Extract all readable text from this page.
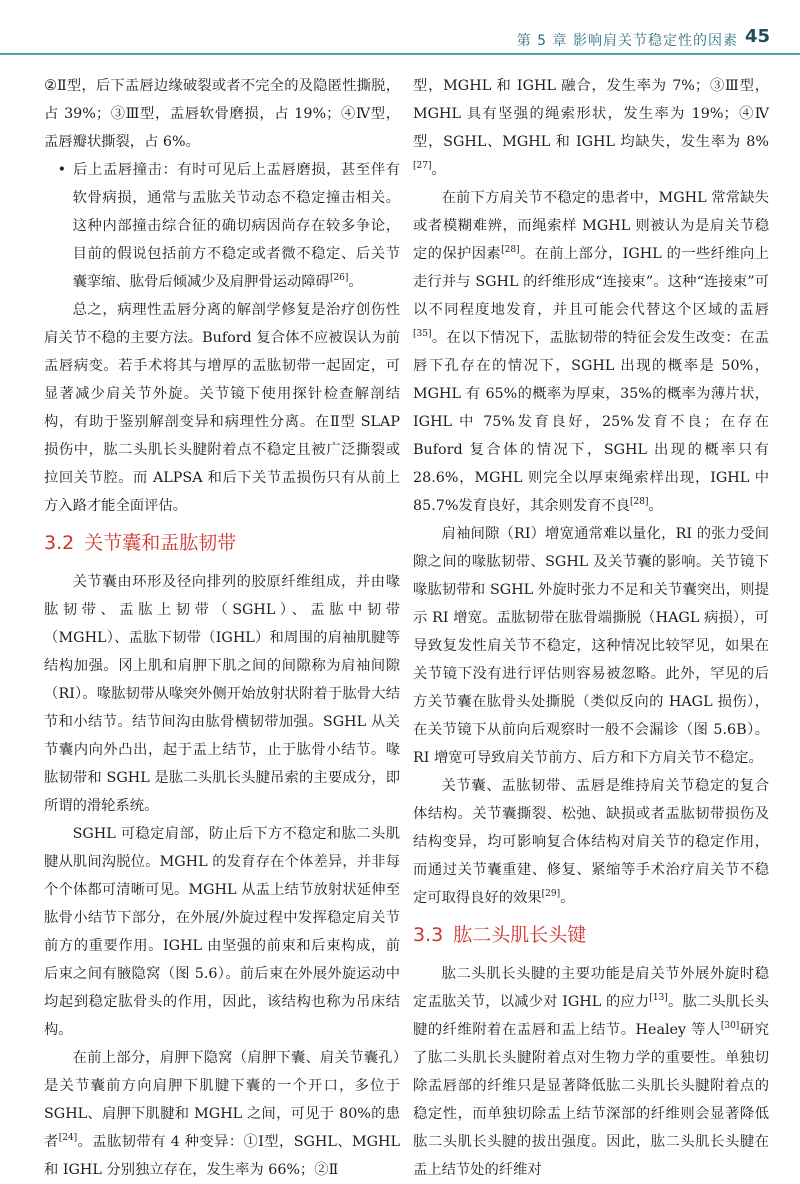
第 5 章 影响肩关节稳定性的因素 45

②Ⅱ型，后下盂唇边缘破裂或者不完全的及隐匿性撕脱，占 39%；③Ⅲ型，盂唇软骨磨损，占 19%；④Ⅳ型，盂唇瓣状撕裂，占 6%。

• 后上盂唇撞击：有时可见后上盂唇磨损，甚至伴有软骨病损，通常与盂肱关节动态不稳定撞击相关。这种内部撞击综合征的确切病因尚存在较多争论，目前的假说包括前方不稳定或者微不稳定、后关节囊挛缩、肱骨后倾减少及肩胛骨运动障碍[26]。

总之，病理性盂唇分离的解剖学修复是治疗创伤性肩关节不稳的主要方法。Buford 复合体不应被误认为前盂唇病变。若手术将其与增厚的盂肱韧带一起固定，可显著减少肩关节外旋。关节镜下使用探针检查解剖结构，有助于鉴别解剖变异和病理性分离。在Ⅱ型 SLAP 损伤中，肱二头肌长头腱附着点不稳定且被广泛撕裂或拉回关节腔。而 ALPSA 和后下关节盂损伤只有从前上方入路才能全面评估。

3.2 关节囊和盂肱韧带

关节囊由环形及径向排列的胶原纤维组成，并由喙肱韧带、盂肱上韧带（SGHL）、盂肱中韧带（MGHL）、盂肱下韧带（IGHL）和周围的肩袖肌腱等结构加强。冈上肌和肩胛下肌之间的间隙称为肩袖间隙（RI）。喙肱韧带从喙突外侧开始放射状附着于肱骨大结节和小结节。结节间沟由肱骨横韧带加强。SGHL 从关节囊内向外凸出，起于盂上结节，止于肱骨小结节。喙肱韧带和 SGHL 是肱二头肌长头腱吊索的主要成分，即所谓的滑轮系统。

SGHL 可稳定肩部，防止后下方不稳定和肱二头肌腱从肌间沟脱位。MGHL 的发育存在个体差异，并非每个个体都可清晰可见。MGHL 从盂上结节放射状延伸至肱骨小结节下部分，在外展/外旋过程中发挥稳定肩关节前方的重要作用。IGHL 由坚强的前束和后束构成，前后束之间有腋隐窝（图 5.6）。前后束在外展外旋运动中均起到稳定肱骨头的作用，因此，该结构也称为吊床结构。

在前上部分，肩胛下隐窝（肩胛下囊、肩关节囊孔）是关节囊前方向肩胛下肌腱下囊的一个开口，多位于 SGHL、肩胛下肌腱和 MGHL 之间，可见于 80%的患者[24]。盂肱韧带有 4 种变异：①Ⅰ型，SGHL、MGHL 和 IGHL 分别独立存在，发生率为 66%；②Ⅱ

型，MGHL 和 IGHL 融合，发生率为 7%；③Ⅲ型，MGHL 具有坚强的绳索形状，发生率为 19%；④Ⅳ型，SGHL、MGHL 和 IGHL 均缺失，发生率为 8%[27]。

在前下方肩关节不稳定的患者中，MGHL 常常缺失或者模糊难辨，而绳索样 MGHL 则被认为是肩关节稳定的保护因素[28]。在前上部分，IGHL 的一些纤维向上走行并与 SGHL 的纤维形成“连接束”。这种“连接束”可以不同程度地发育，并且可能会代替这个区域的盂唇[35]。在以下情况下，盂肱韧带的特征会发生改变：在盂唇下孔存在的情况下，SGHL 出现的概率是 50%，MGHL 有 65%的概率为厚束，35%的概率为薄片状，IGHL 中 75%发育良好，25%发育不良；在存在 Buford 复合体的情况下，SGHL 出现的概率只有 28.6%，MGHL 则完全以厚束绳索样出现，IGHL 中 85.7%发育良好，其余则发育不良[28]。

肩袖间隙（RI）增宽通常难以量化，RI 的张力受间隙之间的喙肱韧带、SGHL 及关节囊的影响。关节镜下喙肱韧带和 SGHL 外旋时张力不足和关节囊突出，则提示 RI 增宽。盂肱韧带在肱骨端撕脱（HAGL 病损），可导致复发性肩关节不稳定，这种情况比较罕见，如果在关节镜下没有进行评估则容易被忽略。此外，罕见的后方关节囊在肱骨头处撕脱（类似反向的 HAGL 损伤），在关节镜下从前向后观察时一般不会漏诊（图 5.6B）。RI 增宽可导致肩关节前方、后方和下方肩关节不稳定。

关节囊、盂肱韧带、盂唇是维持肩关节稳定的复合体结构。关节囊撕裂、松弛、缺损或者盂肱韧带损伤及结构变异，均可影响复合体结构对肩关节的稳定作用，而通过关节囊重建、修复、紧缩等手术治疗肩关节不稳定可取得良好的效果[29]。

3.3 肱二头肌长头键

肱二头肌长头腱的主要功能是肩关节外展外旋时稳定盂肱关节，以减少对 IGHL 的应力[13]。肱二头肌长头腱的纤维附着在盂唇和盂上结节。Healey 等人[30]研究了肱二头肌长头腱附着点对生物力学的重要性。单独切除盂唇部的纤维只是显著降低肱二头肌长头腱附着点的稳定性，而单独切除盂上结节深部的纤维则会显著降低肱二头肌长头腱的拔出强度。因此，肱二头肌长头腱在盂上结节处的纤维对
